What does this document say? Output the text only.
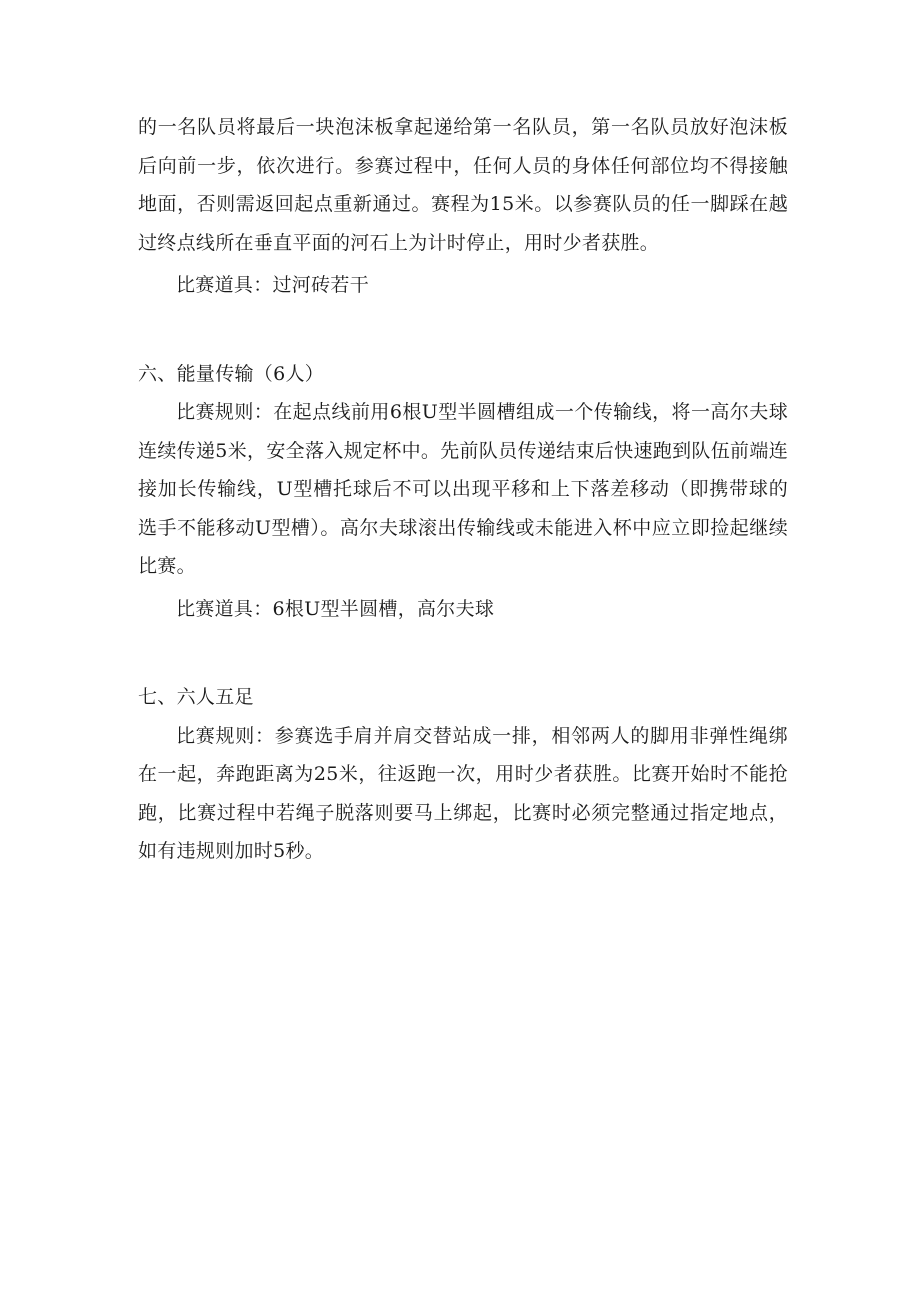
的一名队员将最后一块泡沫板拿起递给第一名队员，第一名队员放好泡沫板后向前一步，依次进行。参赛过程中，任何人员的身体任何部位均不得接触地面，否则需返回起点重新通过。赛程为15米。以参赛队员的任一脚踩在越过终点线所在垂直平面的河石上为计时停止，用时少者获胜。

比赛道具：过河砖若干

六、能量传输（6人）

比赛规则：在起点线前用6根U型半圆槽组成一个传输线，将一高尔夫球连续传递5米，安全落入规定杯中。先前队员传递结束后快速跑到队伍前端连接加长传输线，U型槽托球后不可以出现平移和上下落差移动（即携带球的选手不能移动U型槽）。高尔夫球滚出传输线或未能进入杯中应立即捡起继续比赛。

比赛道具：6根U型半圆槽，高尔夫球

七、六人五足

比赛规则：参赛选手肩并肩交替站成一排，相邻两人的脚用非弹性绳绑在一起，奔跑距离为25米，往返跑一次，用时少者获胜。比赛开始时不能抢跑，比赛过程中若绳子脱落则要马上绑起，比赛时必须完整通过指定地点，如有违规则加时5秒。
